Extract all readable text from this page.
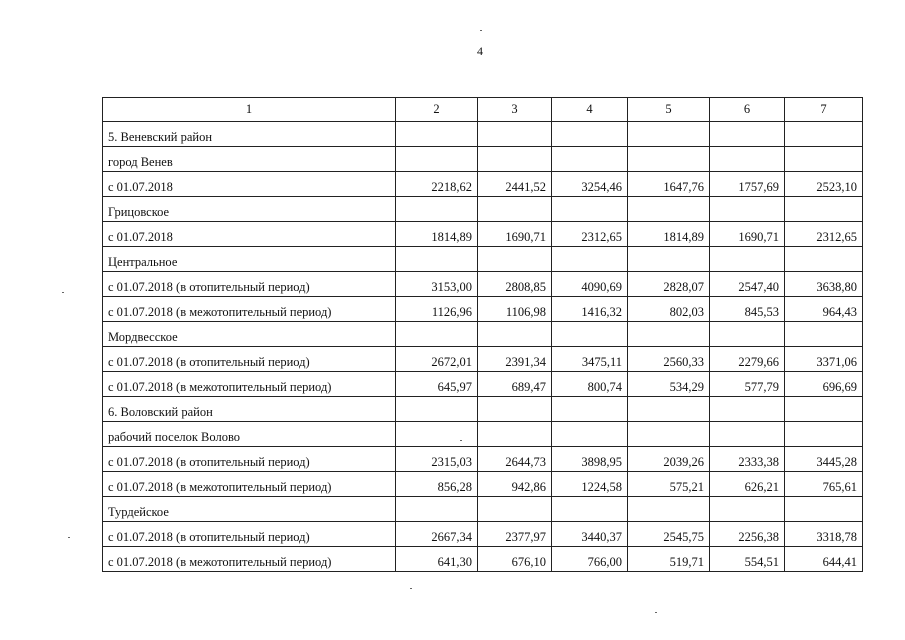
4
1	2	3	4	5	6	7
5. Веневский район						
город Венев						
с 01.07.2018	2218,62	2441,52	3254,46	1647,76	1757,69	2523,10
Грицовское						
с 01.07.2018	1814,89	1690,71	2312,65	1814,89	1690,71	2312,65
Центральное						
с 01.07.2018 (в отопительный период)	3153,00	2808,85	4090,69	2828,07	2547,40	3638,80
с 01.07.2018 (в межотопительный период)	1126,96	1106,98	1416,32	802,03	845,53	964,43
Мордвесское						
с 01.07.2018 (в отопительный период)	2672,01	2391,34	3475,11	2560,33	2279,66	3371,06
с 01.07.2018 (в межотопительный период)	645,97	689,47	800,74	534,29	577,79	696,69
6. Воловский район						
рабочий поселок Волово						
с 01.07.2018 (в отопительный период)	2315,03	2644,73	3898,95	2039,26	2333,38	3445,28
с 01.07.2018 (в межотопительный период)	856,28	942,86	1224,58	575,21	626,21	765,61
Турдейское						
с 01.07.2018 (в отопительный период)	2667,34	2377,97	3440,37	2545,75	2256,38	3318,78
с 01.07.2018 (в межотопительный период)	641,30	676,10	766,00	519,71	554,51	644,41
